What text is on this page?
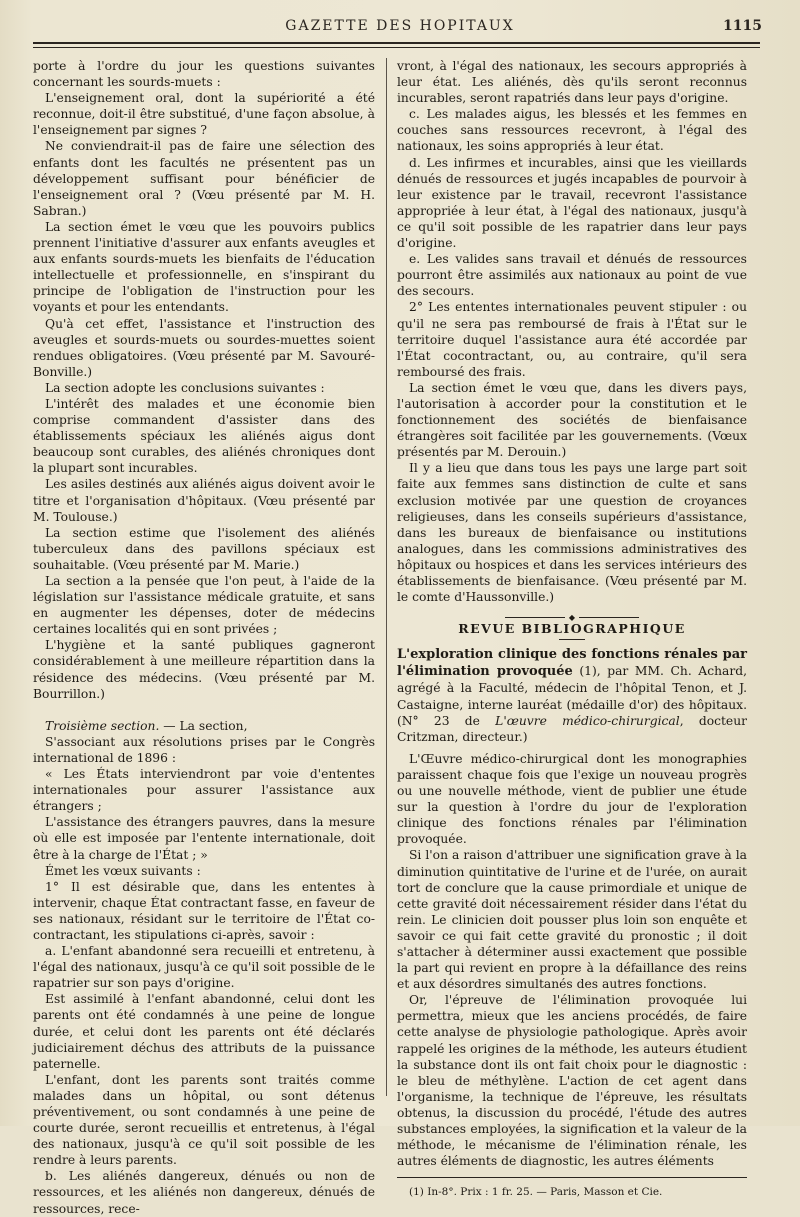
GAZETTE DES HOPITAUX	1115

porte à l'ordre du jour les questions suivantes concernant les sourds-muets :

L'enseignement oral, dont la supériorité a été reconnue, doit-il être substitué, d'une façon absolue, à l'enseignement par signes ?

Ne conviendrait-il pas de faire une sélection des enfants dont les facultés ne présentent pas un développement suffisant pour bénéficier de l'enseignement oral ? (Vœu présenté par M. H. Sabran.)

La section émet le vœu que les pouvoirs publics prennent l'initiative d'assurer aux enfants aveugles et aux enfants sourds-muets les bienfaits de l'éducation intellectuelle et professionnelle, en s'inspirant du principe de l'obligation de l'instruction pour les voyants et pour les entendants.

Qu'à cet effet, l'assistance et l'instruction des aveugles et sourds-muets ou sourdes-muettes soient rendues obligatoires. (Vœu présenté par M. Savouré-Bonville.)

La section adopte les conclusions suivantes :

L'intérêt des malades et une économie bien comprise commandent d'assister dans des établissements spéciaux les aliénés aigus dont beaucoup sont curables, des aliénés chroniques dont la plupart sont incurables.

Les asiles destinés aux aliénés aigus doivent avoir le titre et l'organisation d'hôpitaux. (Vœu présenté par M. Toulouse.)

La section estime que l'isolement des aliénés tuberculeux dans des pavillons spéciaux est souhaitable. (Vœu présenté par M. Marie.)

La section a la pensée que l'on peut, à l'aide de la législation sur l'assistance médicale gratuite, et sans en augmenter les dépenses, doter de médecins certaines localités qui en sont privées ;

L'hygiène et la santé publiques gagneront considérablement à une meilleure répartition dans la résidence des médecins. (Vœu présenté par M. Bourrillon.)

Troisième section. — La section,

S'associant aux résolutions prises par le Congrès international de 1896 :

« Les États interviendront par voie d'ententes internationales pour assurer l'assistance aux étrangers ;

L'assistance des étrangers pauvres, dans la mesure où elle est imposée par l'entente internationale, doit être à la charge de l'État ; »

Émet les vœux suivants :

1° Il est désirable que, dans les ententes à intervenir, chaque État contractant fasse, en faveur de ses nationaux, résidant sur le territoire de l'État co-contractant, les stipulations ci-après, savoir :

a. L'enfant abandonné sera recueilli et entretenu, à l'égal des nationaux, jusqu'à ce qu'il soit possible de le rapatrier sur son pays d'origine.

Est assimilé à l'enfant abandonné, celui dont les parents ont été condamnés à une peine de longue durée, et celui dont les parents ont été déclarés judiciairement déchus des attributs de la puissance paternelle.

L'enfant, dont les parents sont traités comme malades dans un hôpital, ou sont détenus préventivement, ou sont condamnés à une peine de courte durée, seront recueillis et entretenus, à l'égal des nationaux, jusqu'à ce qu'il soit possible de les rendre à leurs parents.

b. Les aliénés dangereux, dénués ou non de ressources, et les aliénés non dangereux, dénués de ressources, rece-

vront, à l'égal des nationaux, les secours appropriés à leur état. Les aliénés, dès qu'ils seront reconnus incurables, seront rapatriés dans leur pays d'origine.

c. Les malades aigus, les blessés et les femmes en couches sans ressources recevront, à l'égal des nationaux, les soins appropriés à leur état.

d. Les infirmes et incurables, ainsi que les vieillards dénués de ressources et jugés incapables de pourvoir à leur existence par le travail, recevront l'assistance appropriée à leur état, à l'égal des nationaux, jusqu'à ce qu'il soit possible de les rapatrier dans leur pays d'origine.

e. Les valides sans travail et dénués de ressources pourront être assimilés aux nationaux au point de vue des secours.

2° Les ententes internationales peuvent stipuler : ou qu'il ne sera pas remboursé de frais à l'État sur le territoire duquel l'assistance aura été accordée par l'État cocontractant, ou, au contraire, qu'il sera remboursé des frais.

La section émet le vœu que, dans les divers pays, l'autorisation à accorder pour la constitution et le fonctionnement des sociétés de bienfaisance étrangères soit facilitée par les gouvernements. (Vœux présentés par M. Derouin.)

Il y a lieu que dans tous les pays une large part soit faite aux femmes sans distinction de culte et sans exclusion motivée par une question de croyances religieuses, dans les conseils supérieurs d'assistance, dans les bureaux de bienfaisance ou institutions analogues, dans les commissions administratives des hôpitaux ou hospices et dans les services intérieurs des établissements de bienfaisance. (Vœu présenté par M. le comte d'Haussonville.)

◆
REVUE BIBLIOGRAPHIQUE

L'exploration clinique des fonctions rénales par l'élimination provoquée (1), par MM. Ch. Achard, agrégé à la Faculté, médecin de l'hôpital Tenon, et J. Castaigne, interne lauréat (médaille d'or) des hôpitaux. (N° 23 de L'œuvre médico-chirurgical, docteur Critzman, directeur.)

L'Œuvre médico-chirurgical dont les monographies paraissent chaque fois que l'exige un nouveau progrès ou une nouvelle méthode, vient de publier une étude sur la question à l'ordre du jour de l'exploration clinique des fonctions rénales par l'élimination provoquée.

Si l'on a raison d'attribuer une signification grave à la diminution quintitative de l'urine et de l'urée, on aurait tort de conclure que la cause primordiale et unique de cette gravité doit nécessairement résider dans l'état du rein. Le clinicien doit pousser plus loin son enquête et savoir ce qui fait cette gravité du pronostic ; il doit s'attacher à déterminer aussi exactement que possible la part qui revient en propre à la défaillance des reins et aux désordres simultanés des autres fonctions.

Or, l'épreuve de l'élimination provoquée lui permettra, mieux que les anciens procédés, de faire cette analyse de physiologie pathologique. Après avoir rappelé les origines de la méthode, les auteurs étudient la substance dont ils ont fait choix pour le diagnostic : le bleu de méthylène. L'action de cet agent dans l'organisme, la technique de l'épreuve, les résultats obtenus, la discussion du procédé, l'étude des autres substances employées, la signification et la valeur de la méthode, le mécanisme de l'élimination rénale, les autres éléments de diagnostic, les autres éléments

(1) In-8°. Prix : 1 fr. 25. — Paris, Masson et Cie.
